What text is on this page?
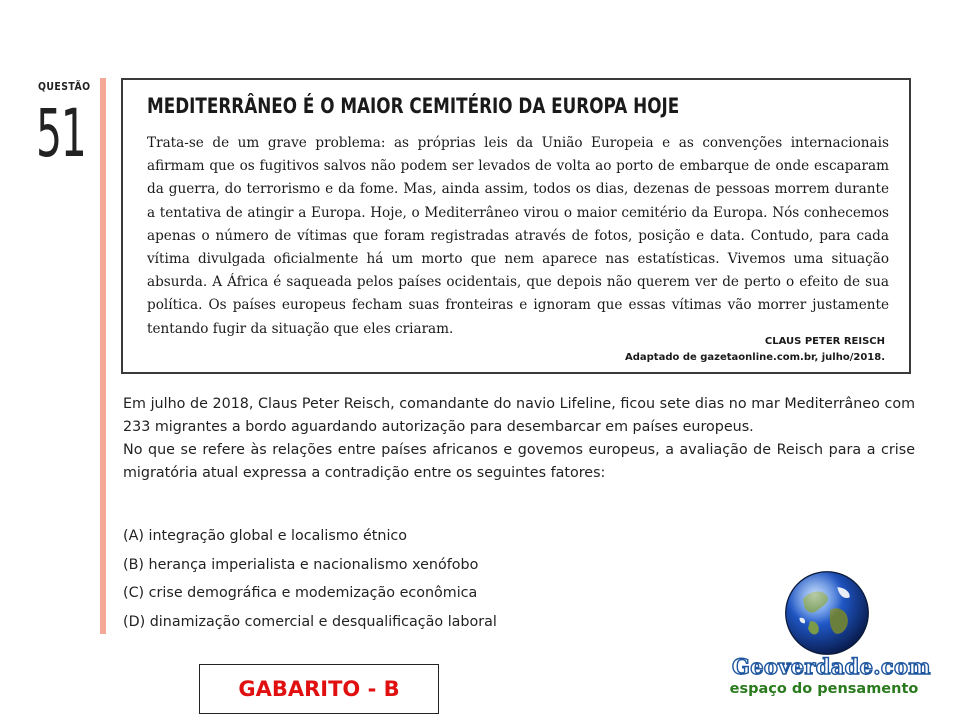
QUESTÃO
51	MEDITERRÂNEO É O MAIOR CEMITÉRIO DA EUROPA HOJE
Trata-se de um grave problema: as próprias leis da União Europeia e as convenções internacionais afirmam que os fugitivos salvos não podem ser levados de volta ao porto de embarque de onde escaparam da guerra, do terrorismo e da fome. Mas, ainda assim, todos os dias, dezenas de pessoas morrem durante a tentativa de atingir a Europa. Hoje, o Mediterrâneo virou o maior cemitério da Europa. Nós conhecemos apenas o número de vítimas que foram registradas através de fotos, posição e data. Contudo, para cada vítima divulgada oficialmente há um morto que nem aparece nas estatísticas. Vivemos uma situação absurda. A África é saqueada pelos países ocidentais, que depois não querem ver de perto o efeito de sua política. Os países europeus fecham suas fronteiras e ignoram que essas vítimas vão morrer justamente tentando fugir da situação que eles criaram.
CLAUS PETER REISCH
Adaptado de gazetaonline.com.br, julho/2018.

Em julho de 2018, Claus Peter Reisch, comandante do navio Lifeline, ficou sete dias no mar Mediterrâneo com 233 migrantes a bordo aguardando autorização para desembarcar em países europeus.

No que se refere às relações entre países africanos e govemos europeus, a avaliação de Reisch para a crise migratória atual expressa a contradição entre os seguintes fatores:

(A) integração global e localismo étnico
(B) herança imperialista e nacionalismo xenófobo
(C) crise demográfica e modemização econômica
(D) dinamização comercial e desqualificação laboral
GABARITO - B
Geoverdade.com
espaço do pensamento
